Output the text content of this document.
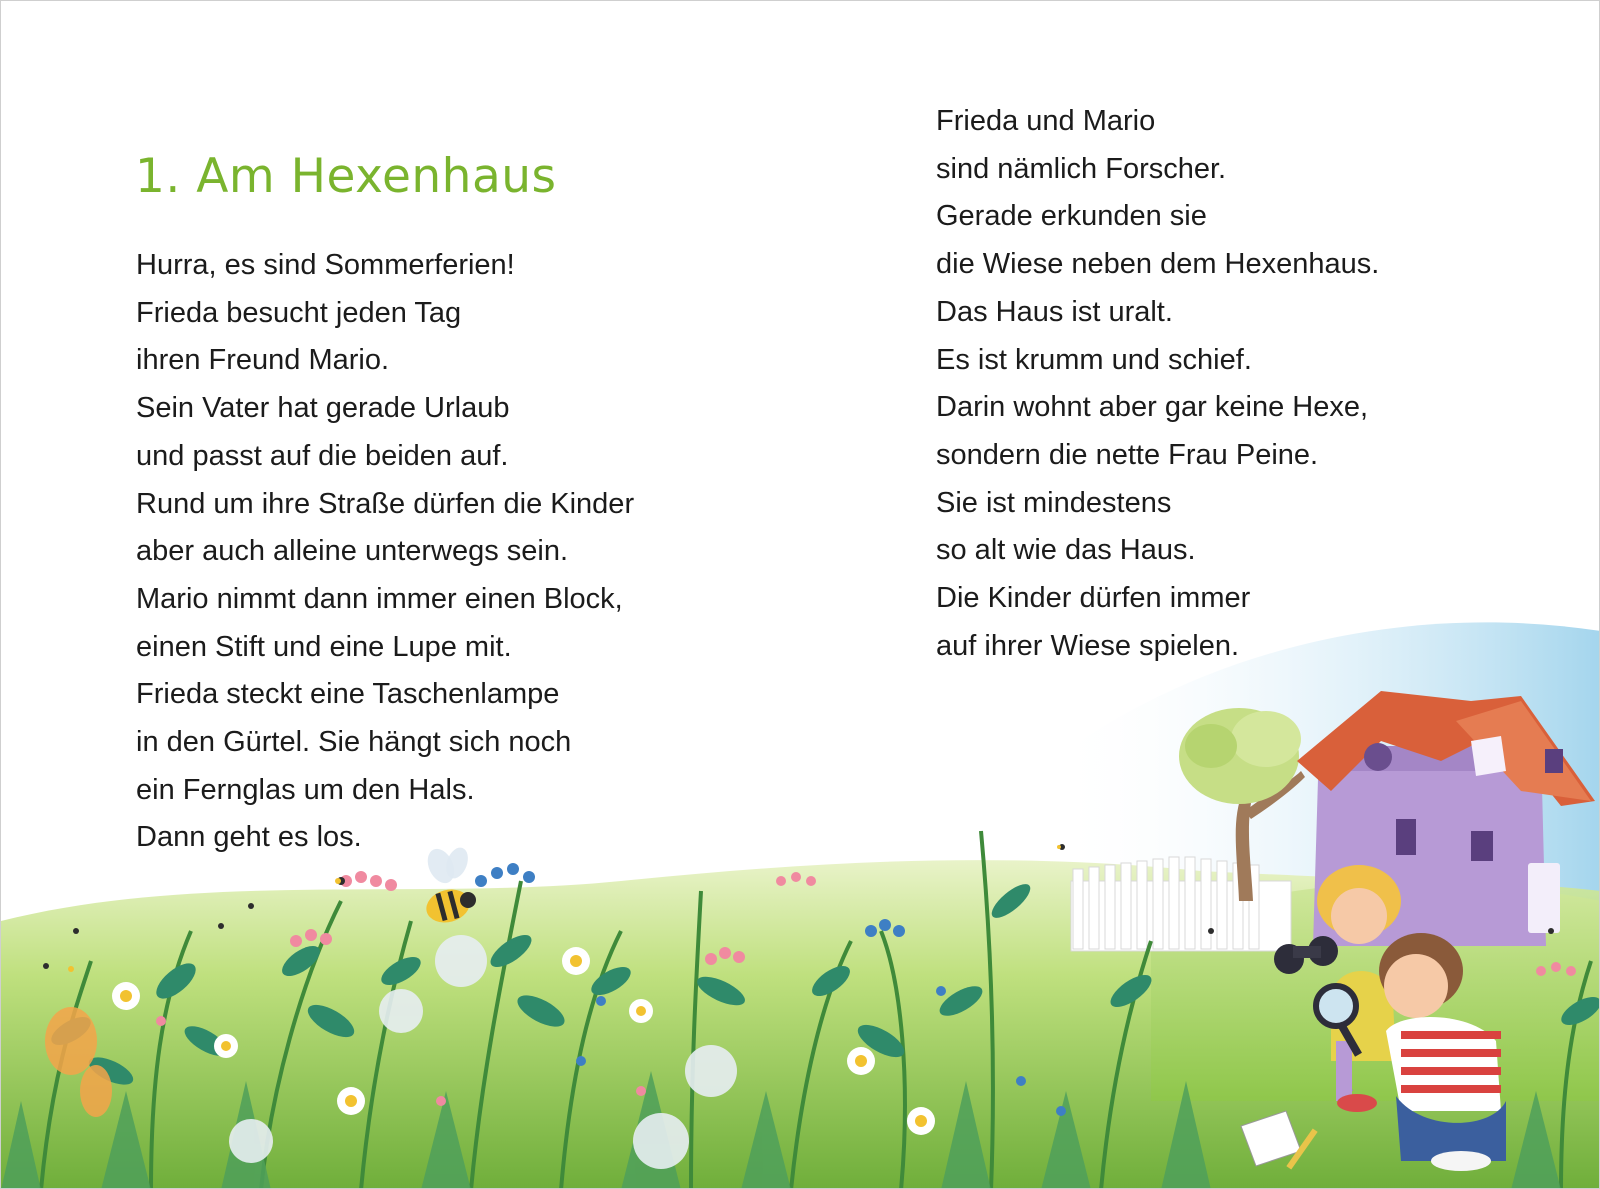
1. Am Hexenhaus
Hurra, es sind Sommerferien!
Frieda besucht jeden Tag
ihren Freund Mario.
Sein Vater hat gerade Urlaub
und passt auf die beiden auf.
Rund um ihre Straße dürfen die Kinder
aber auch alleine unterwegs sein.
Mario nimmt dann immer einen Block,
einen Stift und eine Lupe mit.
Frieda steckt eine Taschenlampe
in den Gürtel. Sie hängt sich noch
ein Fernglas um den Hals.
Dann geht es los.
Frieda und Mario
sind nämlich Forscher.
Gerade erkunden sie
die Wiese neben dem Hexenhaus.
Das Haus ist uralt.
Es ist krumm und schief.
Darin wohnt aber gar keine Hexe,
sondern die nette Frau Peine.
Sie ist mindestens
so alt wie das Haus.
Die Kinder dürfen immer
auf ihrer Wiese spielen.
